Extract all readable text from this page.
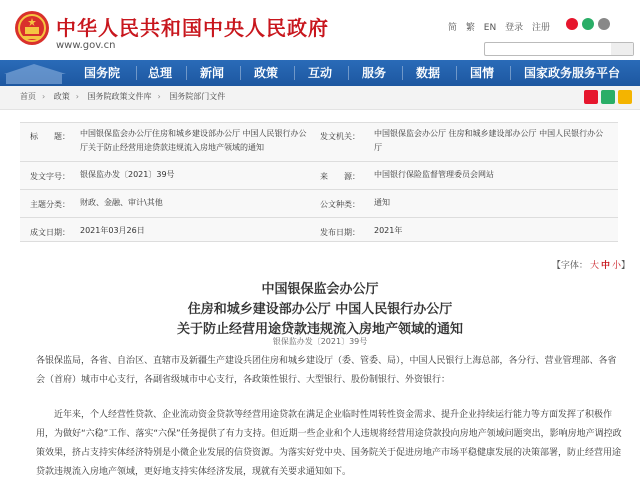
中华人民共和国中央人民政府
www.gov.cn
简 繁 EN 登录 注册
国务院 总理 新闻 政策 互动 服务 数据 国情 国家政务服务平台
首页 › 政策 › 国务院政策文件库 › 国务院部门文件
标　　题： 中国银保监会办公厅住房和城乡建设部办公厅 中国人民银行办公厅关于防止经营用途贷款违规流入房地产领域的通知
发文机关： 中国银保监会办公厅 住房和城乡建设部办公厅 中国人民银行办公厅
发文字号： 银保监办发〔2021〕39号	来　　源： 中国银行保险监督管理委员会网站
主题分类： 财政、金融、审计\其他	公文种类： 通知
成文日期： 2021年03月26日	发布日期： 2021年
【字体： 大 中 小】
中国银保监会办公厅
住房和城乡建设部办公厅 中国人民银行办公厅
关于防止经营用途贷款违规流入房地产领域的通知
银保监办发〔2021〕39号
各银保监局，各省、自治区、直辖市及新疆生产建设兵团住房和城乡建设厅（委、管委、局），中国人民银行上海总部，各分行、营业管理部、各省会（首府）城市中心支行，各副省级城市中心支行，各政策性银行、大型银行、股份制银行、外资银行：
近年来，个人经营性贷款、企业流动资金贷款等经营用途贷款在满足企业临时性周转性资金需求、提升企业持续运行能力等方面发挥了积极作用，为做好“六稳”工作、落实“六保”任务提供了有力支持。但近期一些企业和个人违规将经营用途贷款投向房地产领域问题突出，影响房地产调控政策效果，挤占支持实体经济特别是小微企业发展的信贷资源。为落实好党中央、国务院关于促进房地产市场平稳健康发展的决策部署，防止经营用途贷款违规流入房地产领域，更好地支持实体经济发展，现就有关要求通知如下。
